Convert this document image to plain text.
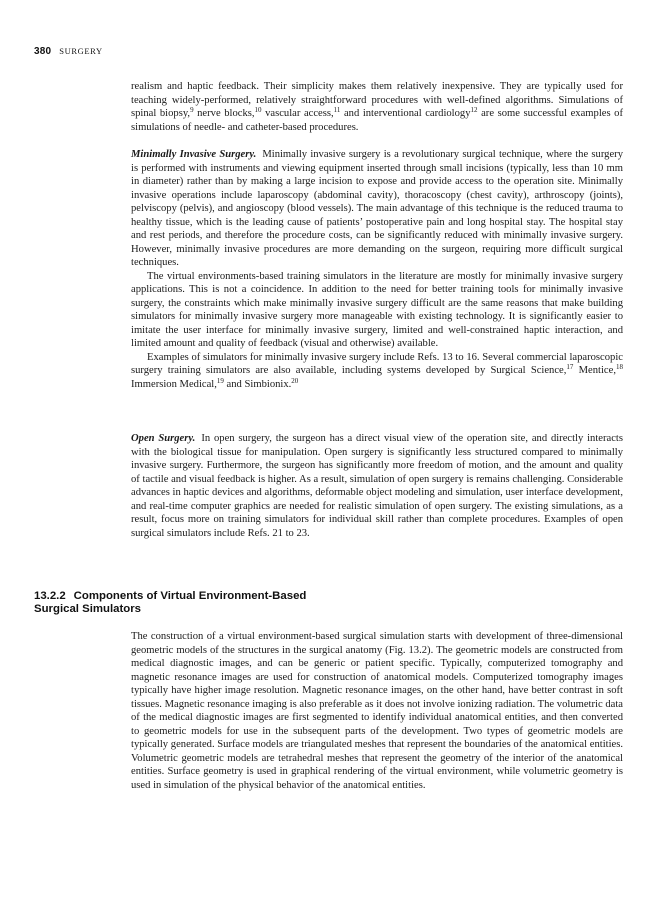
380 SURGERY

realism and haptic feedback. Their simplicity makes them relatively inexpensive. They are typically used for teaching widely-performed, relatively straightforward procedures with well-defined algorithms. Simulations of spinal biopsy,$^9$ nerve blocks,$^{10}$ vascular access,$^{11}$ and interventional cardiology$^{12}$ are some successful examples of simulations of needle- and catheter-based procedures.

Minimally Invasive Surgery. Minimally invasive surgery is a revolutionary surgical technique, where the surgery is performed with instruments and viewing equipment inserted through small incisions (typically, less than 10 mm in diameter) rather than by making a large incision to expose and provide access to the operation site. Minimally invasive operations include laparoscopy (abdominal cavity), thoracoscopy (chest cavity), arthroscopy (joints), pelviscopy (pelvis), and angioscopy (blood vessels). The main advantage of this technique is the reduced trauma to healthy tissue, which is the leading cause of patients’ postoperative pain and long hospital stay. The hospital stay and rest periods, and therefore the procedure costs, can be significantly reduced with minimally invasive surgery. However, minimally invasive procedures are more demanding on the surgeon, requiring more difficult surgical techniques.

The virtual environments-based training simulators in the literature are mostly for minimally invasive surgery applications. This is not a coincidence. In addition to the need for better training tools for minimally invasive surgery, the constraints which make minimally invasive surgery difficult are the same reasons that make building simulators for minimally invasive surgery more manageable with existing technology. It is significantly easier to imitate the user interface for minimally invasive surgery, limited and well-constrained haptic interaction, and limited amount and quality of feedback (visual and otherwise) available.

Examples of simulators for minimally invasive surgery include Refs. 13 to 16. Several commercial laparoscopic surgery training simulators are also available, including systems developed by Surgical Science,$^{17}$ Mentice,$^{18}$ Immersion Medical,$^{19}$ and Simbionix.$^{20}$

Open Surgery. In open surgery, the surgeon has a direct visual view of the operation site, and directly interacts with the biological tissue for manipulation. Open surgery is significantly less structured compared to minimally invasive surgery. Furthermore, the surgeon has significantly more freedom of motion, and the amount and quality of tactile and visual feedback is higher. As a result, simulation of open surgery is remains challenging. Considerable advances in haptic devices and algorithms, deformable object modeling and simulation, user interface development, and real-time computer graphics are needed for realistic simulation of open surgery. The existing simulations, as a result, focus more on training simulators for individual skill rather than complete procedures. Examples of open surgical simulators include Refs. 21 to 23.

13.2.2 Components of Virtual Environment-Based
Surgical Simulators

The construction of a virtual environment-based surgical simulation starts with development of three-dimensional geometric models of the structures in the surgical anatomy (Fig. 13.2). The geometric models are constructed from medical diagnostic images, and can be generic or patient specific. Typically, computerized tomography and magnetic resonance images are used for construction of anatomical models. Computerized tomography images typically have higher image resolution. Magnetic resonance images, on the other hand, have better contrast in soft tissues. Magnetic resonance imaging is also preferable as it does not involve ionizing radiation. The volumetric data of the medical diagnostic images are first segmented to identify individual anatomical entities, and then converted to geometric models for use in the subsequent parts of the development. Two types of geometric models are typically generated. Surface models are triangulated meshes that represent the boundaries of the anatomical entities. Volumetric geometric models are tetrahedral meshes that represent the geometry of the interior of the anatomical entities. Surface geometry is used in graphical rendering of the virtual environment, while volumetric geometry is used in simulation of the physical behavior of the anatomical entities.
